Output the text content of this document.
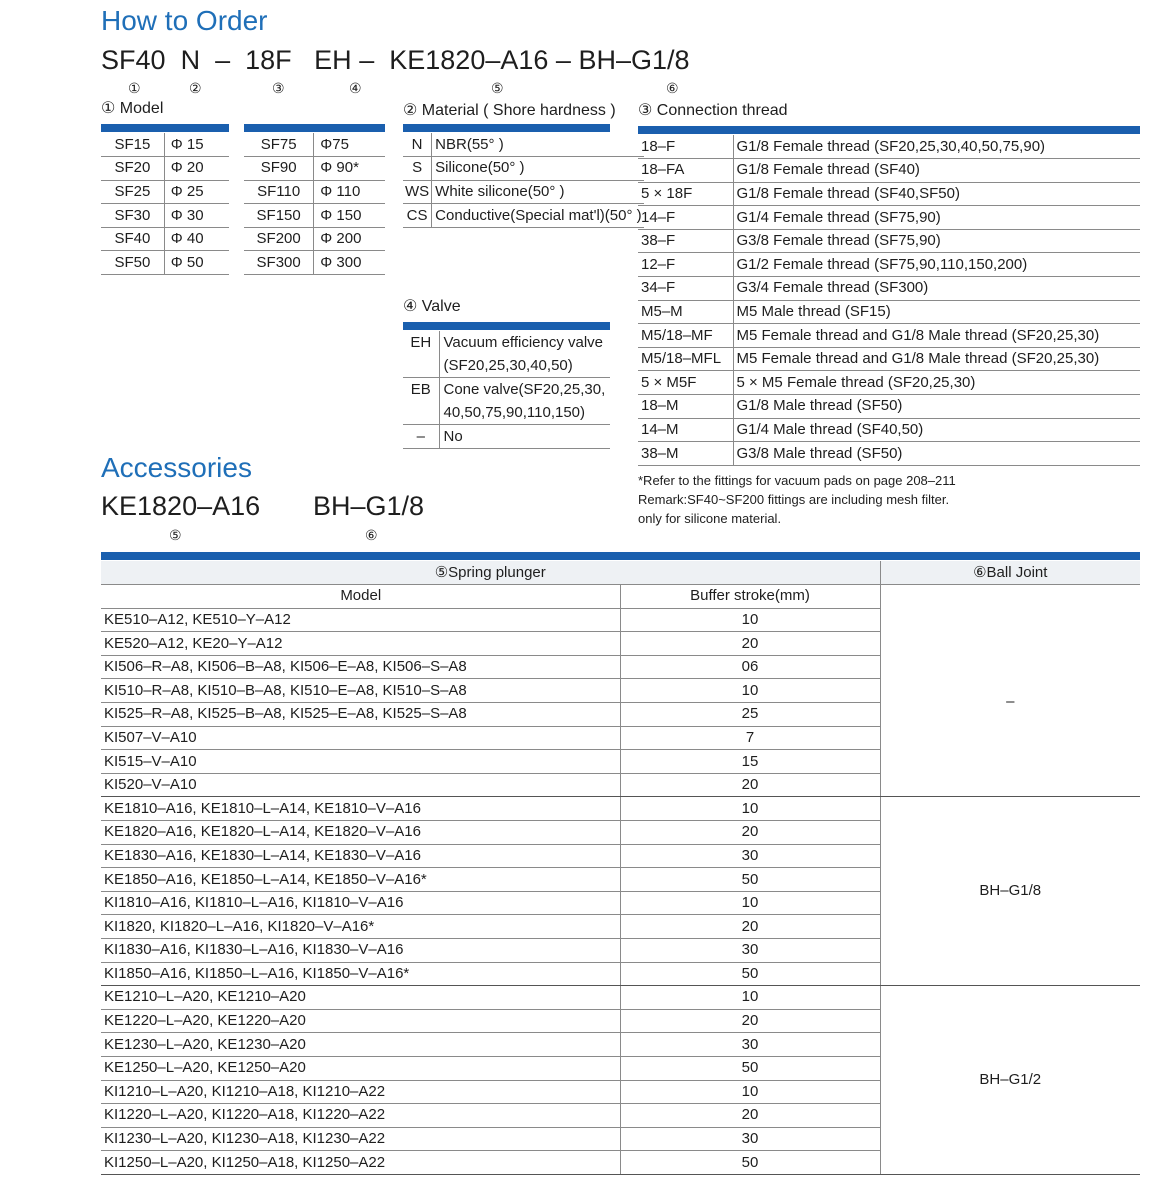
How to Order
SF40 N – 18F EH – KE1820–A16 – BH–G1/8
①	②	③	④	⑤	⑥
① Model
SF15	Φ 15
SF20	Φ 20
SF25	Φ 25
SF30	Φ 30
SF40	Φ 40
SF50	Φ 50
SF75	Φ75
SF90	Φ 90*
SF110	Φ 110
SF150	Φ 150
SF200	Φ 200
SF300	Φ 300
② Material ( Shore hardness )
N	NBR(55° )
S	Silicone(50° )
WS	White silicone(50° )
CS	Conductive(Special mat'l)(50° )
④ Valve
EH	Vacuum efficiency valve
(SF20,25,30,40,50)

EB	Cone valve(SF20,25,30,
40,50,75,90,110,150)

–	No
③ Connection thread
18–F	G1/8 Female thread (SF20,25,30,40,50,75,90)
18–FA	G1/8 Female thread (SF40)
5 × 18F	G1/8 Female thread (SF40,SF50)
14–F	G1/4 Female thread (SF75,90)
38–F	G3/8 Female thread (SF75,90)
12–F	G1/2 Female thread (SF75,90,110,150,200)
34–F	G3/4 Female thread (SF300)
M5–M	M5 Male thread (SF15)
M5/18–MF	M5 Female thread and G1/8 Male thread (SF20,25,30)
M5/18–MFL	M5 Female thread and G1/8 Male thread (SF20,25,30)
5 × M5F	5 × M5 Female thread (SF20,25,30)
18–M	G1/8 Male thread (SF50)
14–M	G1/4 Male thread (SF40,50)
38–M	G3/8 Male thread (SF50)
*Refer to the fittings for vacuum pads on page 208–211
Remark:SF40~SF200 fittings are including mesh filter.
only for silicone material.
Accessories
KE1820–A16 BH–G1/8
⑤	⑥
⑤Spring plunger		⑥Ball Joint
Model	Buffer stroke(mm)	
KE510–A12, KE510–Y–A12	10	–
KE520–A12, KE20–Y–A12	20	
KI506–R–A8, KI506–B–A8, KI506–E–A8, KI506–S–A8	06	
KI510–R–A8, KI510–B–A8, KI510–E–A8, KI510–S–A8	10	
KI525–R–A8, KI525–B–A8, KI525–E–A8, KI525–S–A8	25	
KI507–V–A10	7	
KI515–V–A10	15	
KI520–V–A10	20	
KE1810–A16, KE1810–L–A14, KE1810–V–A16	10	BH–G1/8
KE1820–A16, KE1820–L–A14, KE1820–V–A16	20	
KE1830–A16, KE1830–L–A14, KE1830–V–A16	30	
KE1850–A16, KE1850–L–A14, KE1850–V–A16*	50	
KI1810–A16, KI1810–L–A16, KI1810–V–A16	10	
KI1820, KI1820–L–A16, KI1820–V–A16*	20	
KI1830–A16, KI1830–L–A16, KI1830–V–A16	30	
KI1850–A16, KI1850–L–A16, KI1850–V–A16*	50	
KE1210–L–A20, KE1210–A20	10	BH–G1/2
KE1220–L–A20, KE1220–A20	20	
KE1230–L–A20, KE1230–A20	30	
KE1250–L–A20, KE1250–A20	50	
KI1210–L–A20, KI1210–A18, KI1210–A22	10	
KI1220–L–A20, KI1220–A18, KI1220–A22	20	
KI1230–L–A20, KI1230–A18, KI1230–A22	30	
KI1250–L–A20, KI1250–A18, KI1250–A22	50	
